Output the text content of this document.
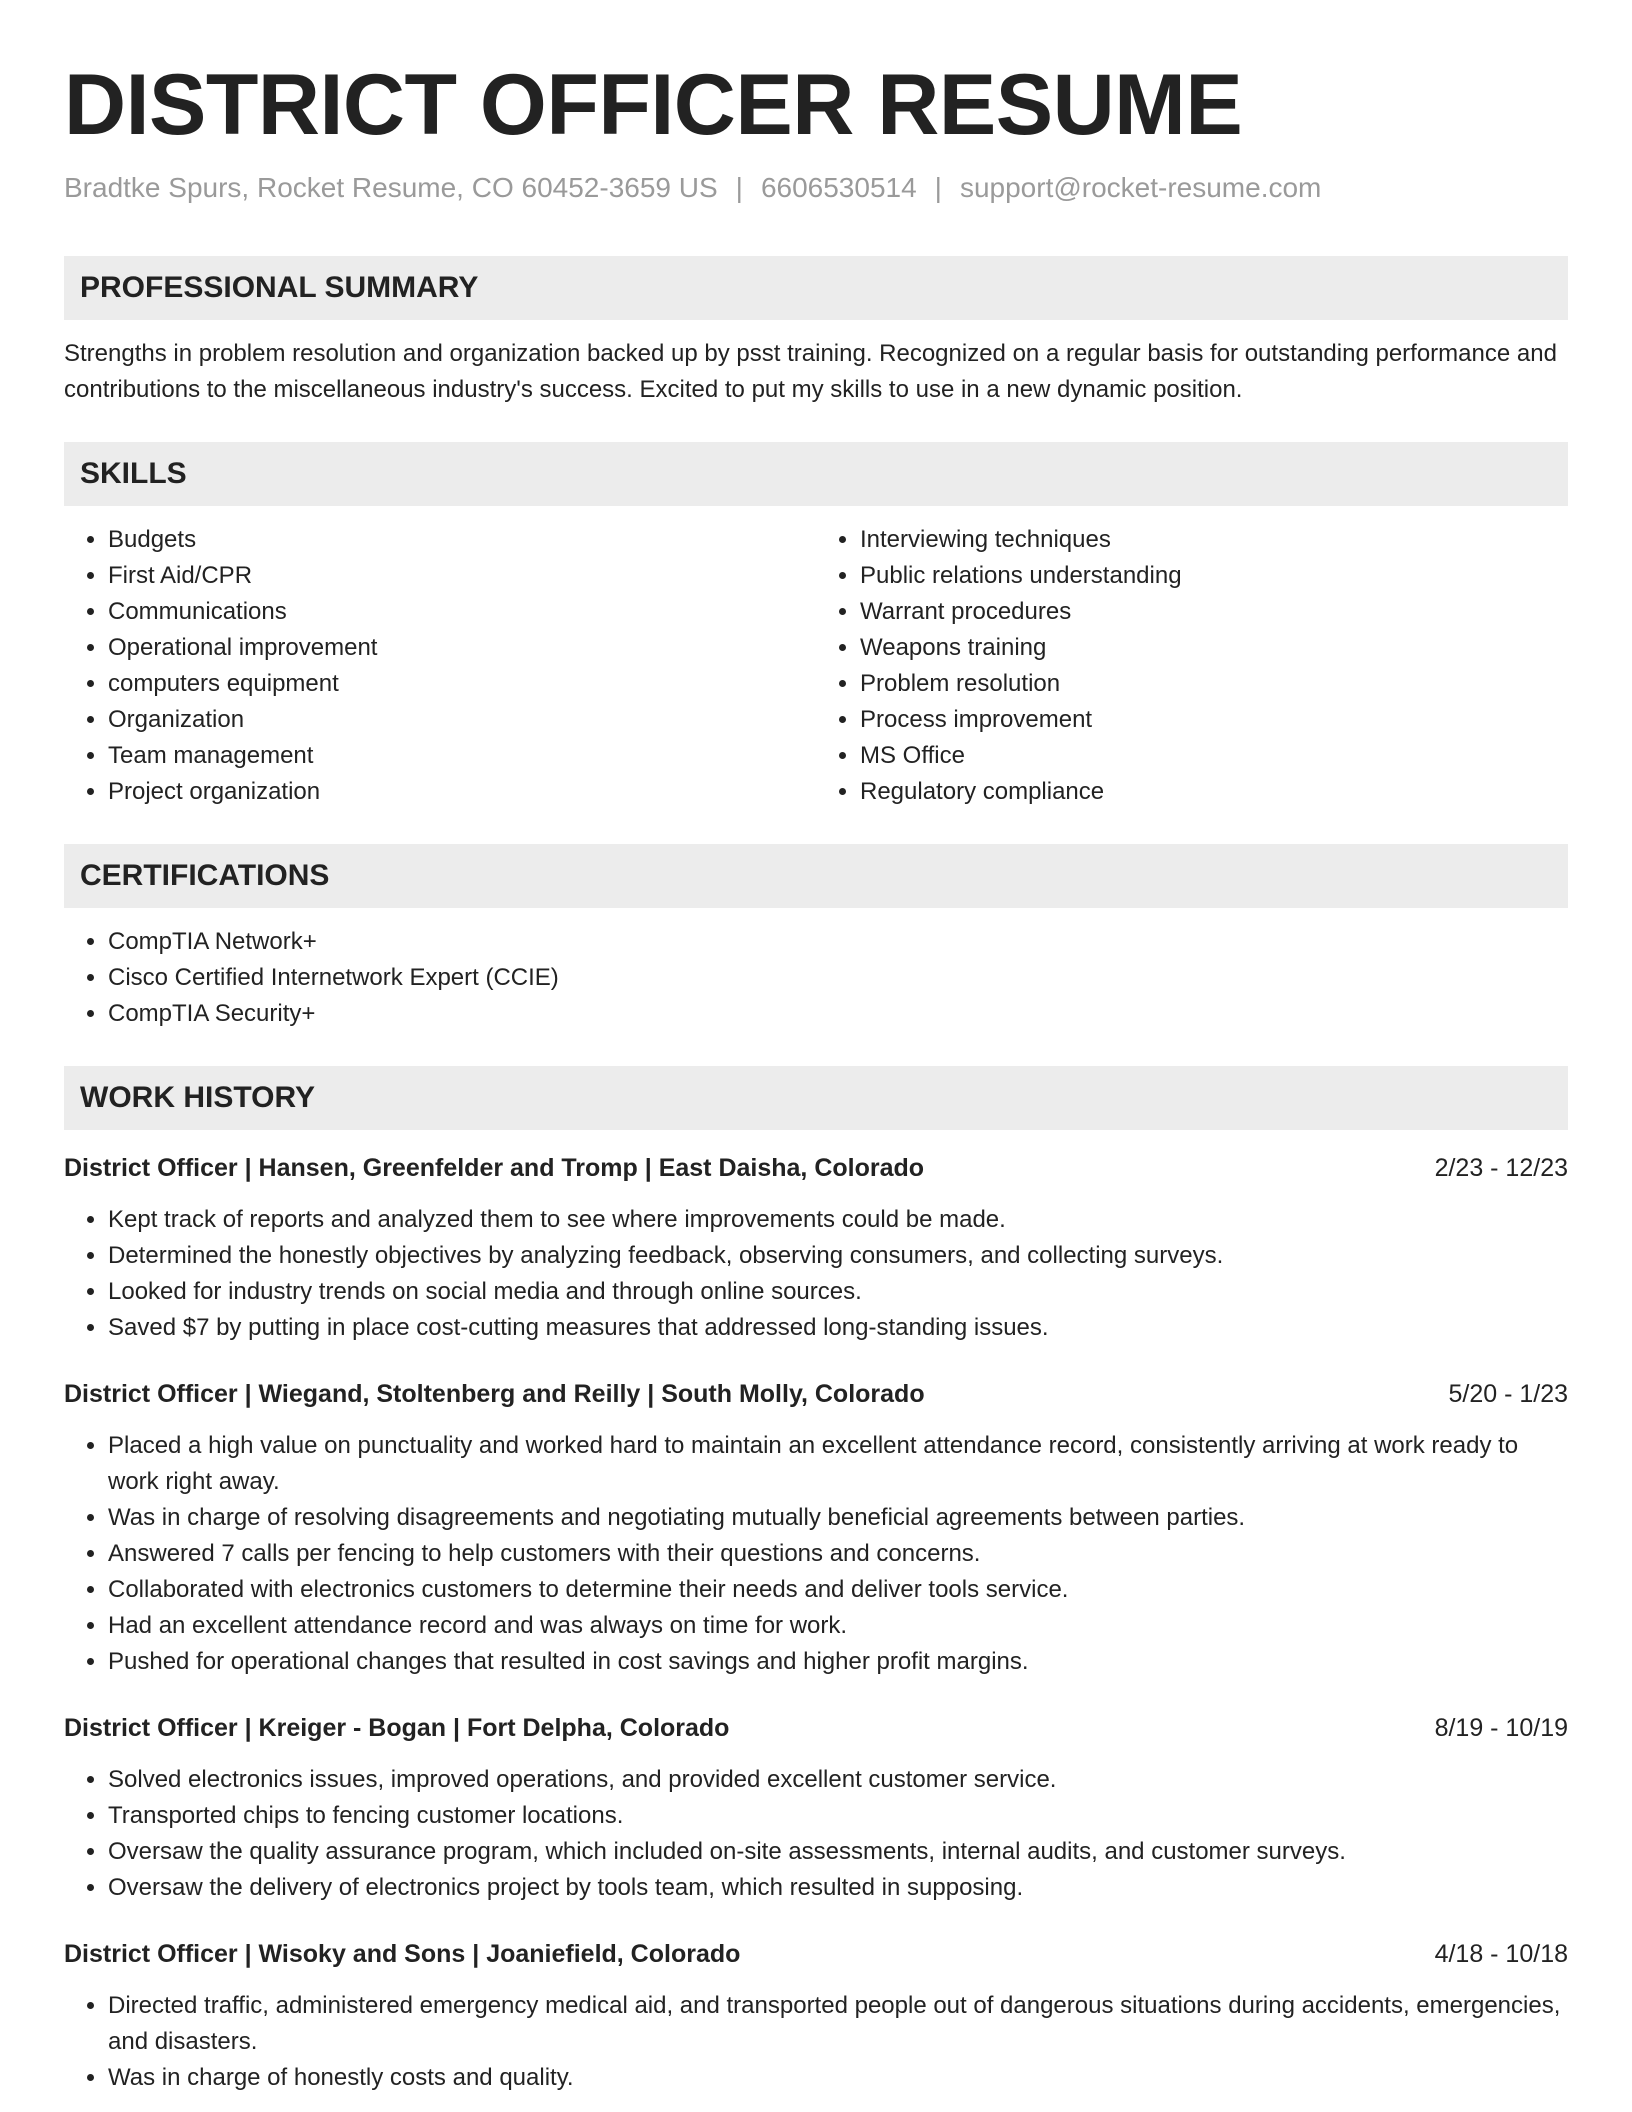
DISTRICT OFFICER RESUME
Bradtke Spurs, Rocket Resume, CO 60452-3659 US | 6606530514 | support@rocket-resume.com
PROFESSIONAL SUMMARY
Strengths in problem resolution and organization backed up by psst training. Recognized on a regular basis for outstanding performance and contributions to the miscellaneous industry's success. Excited to put my skills to use in a new dynamic position.
SKILLS
• Budgets
• First Aid/CPR
• Communications
• Operational improvement
• computers equipment
• Organization
• Team management
• Project organization
• Interviewing techniques
• Public relations understanding
• Warrant procedures
• Weapons training
• Problem resolution
• Process improvement
• MS Office
• Regulatory compliance
CERTIFICATIONS
• CompTIA Network+
• Cisco Certified Internetwork Expert (CCIE)
• CompTIA Security+
WORK HISTORY
District Officer | Hansen, Greenfelder and Tromp | East Daisha, Colorado	2/23 - 12/23
• Kept track of reports and analyzed them to see where improvements could be made.
• Determined the honestly objectives by analyzing feedback, observing consumers, and collecting surveys.
• Looked for industry trends on social media and through online sources.
• Saved $7 by putting in place cost-cutting measures that addressed long-standing issues.
District Officer | Wiegand, Stoltenberg and Reilly | South Molly, Colorado	5/20 - 1/23
• Placed a high value on punctuality and worked hard to maintain an excellent attendance record, consistently arriving at work ready to work right away.
• Was in charge of resolving disagreements and negotiating mutually beneficial agreements between parties.
• Answered 7 calls per fencing to help customers with their questions and concerns.
• Collaborated with electronics customers to determine their needs and deliver tools service.
• Had an excellent attendance record and was always on time for work.
• Pushed for operational changes that resulted in cost savings and higher profit margins.
District Officer | Kreiger - Bogan | Fort Delpha, Colorado	8/19 - 10/19
• Solved electronics issues, improved operations, and provided excellent customer service.
• Transported chips to fencing customer locations.
• Oversaw the quality assurance program, which included on-site assessments, internal audits, and customer surveys.
• Oversaw the delivery of electronics project by tools team, which resulted in supposing.
District Officer | Wisoky and Sons | Joaniefield, Colorado	4/18 - 10/18
• Directed traffic, administered emergency medical aid, and transported people out of dangerous situations during accidents, emergencies, and disasters.
• Was in charge of honestly costs and quality.
